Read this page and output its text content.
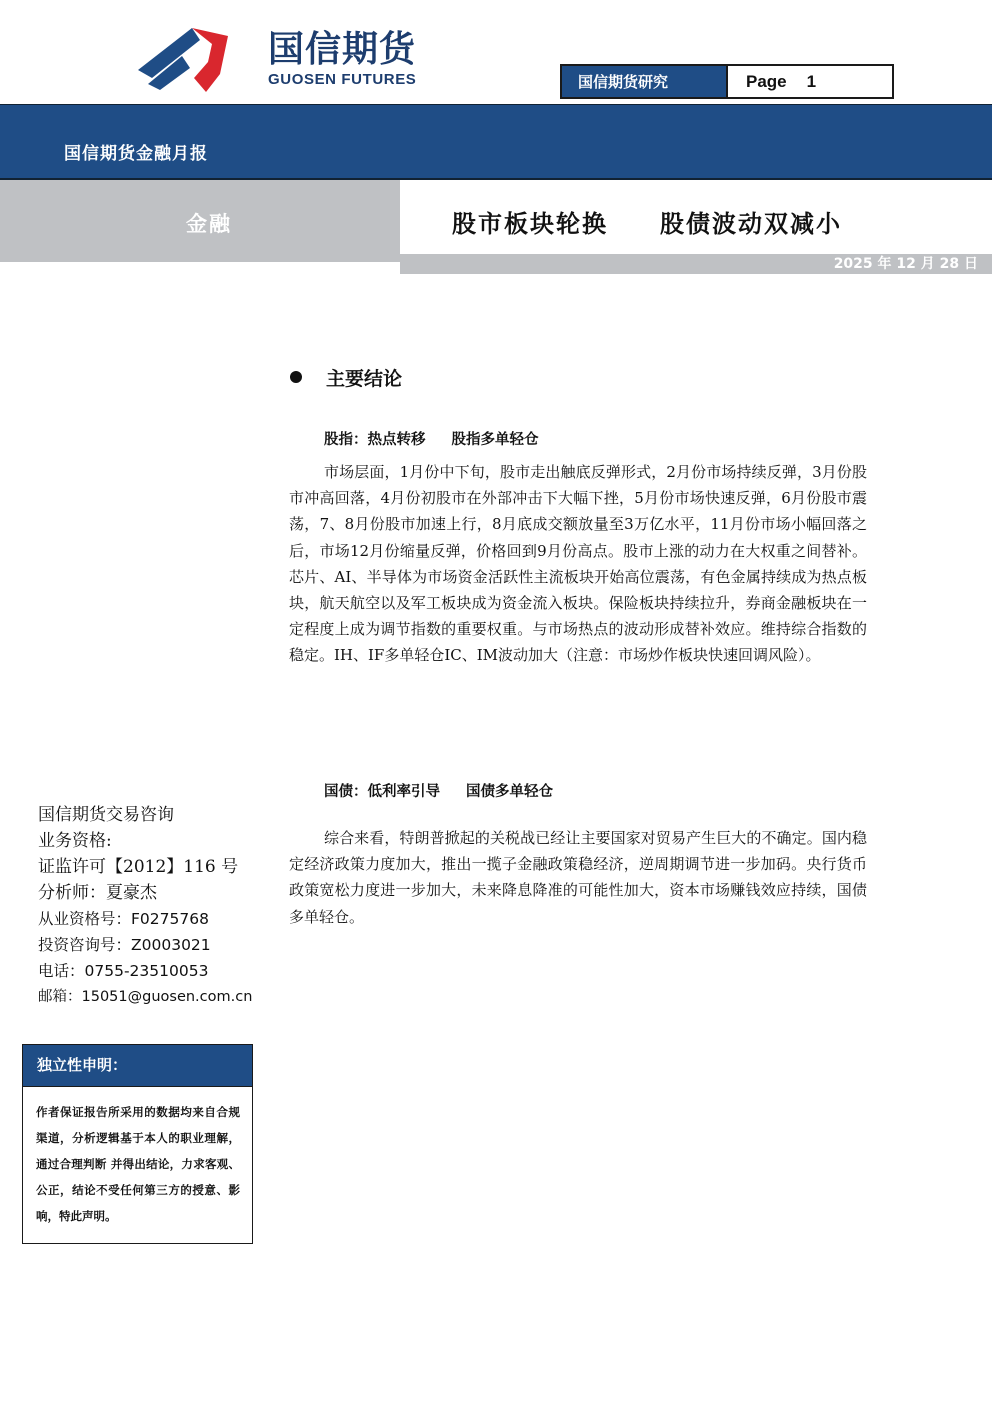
国信期货
GUOSEN FUTURES	国信期货研究	Page 1
国信期货金融月报
金融	股市板块轮换 股债波动双减小
2025 年 12 月 28 日
主要结论
股指：热点转移 股指多单轻仓
市场层面，1月份中下旬，股市走出触底反弹形式，2月份市场持续反弹，3月份股市冲高回落，4月份初股市在外部冲击下大幅下挫，5月份市场快速反弹，6月份股市震荡，7、8月份股市加速上行，8月底成交额放量至3万亿水平，11月份市场小幅回落之后，市场12月份缩量反弹，价格回到9月份高点。股市上涨的动力在大权重之间替补。芯片、AI、半导体为市场资金活跃性主流板块开始高位震荡，有色金属持续成为热点板块，航天航空以及军工板块成为资金流入板块。保险板块持续拉升，券商金融板块在一定程度上成为调节指数的重要权重。与市场热点的波动形成替补效应。维持综合指数的稳定。IH、IF多单轻仓IC、IM波动加大（注意：市场炒作板块快速回调风险）。
国债：低利率引导 国债多单轻仓
综合来看，特朗普掀起的关税战已经让主要国家对贸易产生巨大的不确定。国内稳定经济政策力度加大，推出一揽子金融政策稳经济，逆周期调节进一步加码。央行货币政策宽松力度进一步加大，未来降息降准的可能性加大，资本市场赚钱效应持续，国债多单轻仓。
国信期货交易咨询
业务资格:
证监许可【2012】116 号
分析师：夏豪杰
从业资格号：F0275768
投资咨询号：Z0003021
电话：0755-23510053
邮箱：15051@guosen.com.cn
独立性申明：
作者保证报告所采用的数据均来自合规渠道，分析逻辑基于本人的职业理解，通过合理判断 并得出结论，力求客观、公正，结论不受任何第三方的授意、影响，特此声明。
